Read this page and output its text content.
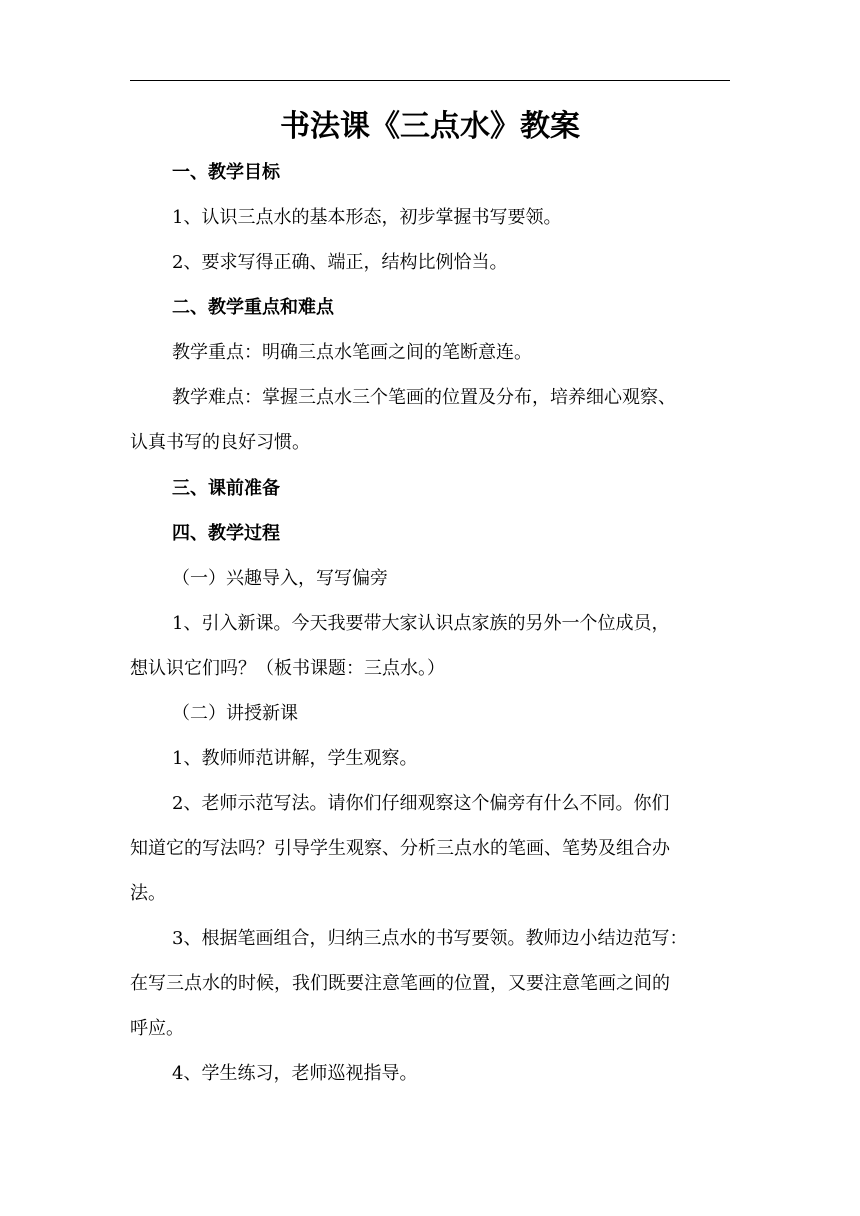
书法课《三点水》教案
一、教学目标
1、认识三点水的基本形态，初步掌握书写要领。
2、要求写得正确、端正，结构比例恰当。
二、教学重点和难点
教学重点：明确三点水笔画之间的笔断意连。
教学难点：掌握三点水三个笔画的位置及分布，培养细心观察、
认真书写的良好习惯。
三、课前准备
四、教学过程
（一）兴趣导入，写写偏旁
1、引入新课。今天我要带大家认识点家族的另外一个位成员，
想认识它们吗？（板书课题：三点水。）
（二）讲授新课
1、教师师范讲解，学生观察。
2、老师示范写法。请你们仔细观察这个偏旁有什么不同。你们
知道它的写法吗？引导学生观察、分析三点水的笔画、笔势及组合办
法。
3、根据笔画组合，归纳三点水的书写要领。教师边小结边范写：
在写三点水的时候，我们既要注意笔画的位置，又要注意笔画之间的
呼应。
4、学生练习，老师巡视指导。
